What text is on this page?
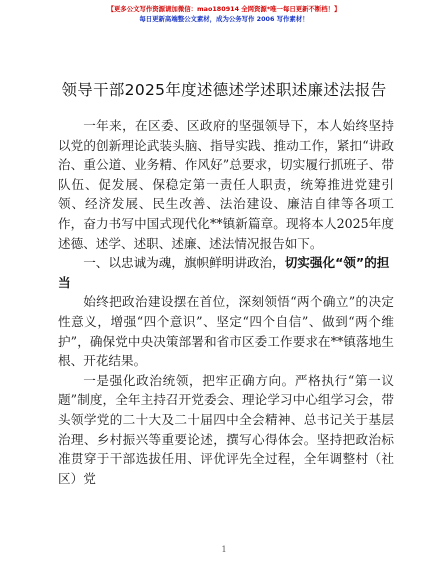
【更多公文写作资源请加微信：mao180914 全网资源*唯一每日更新不断档！】
每日更新高端整公文素材，成为公务写作 2006 写作素材！
领导干部2025年度述德述学述职述廉述法报告

一年来，在区委、区政府的坚强领导下，本人始终坚持以党的创新理论武装头脑、指导实践、推动工作，紧扣“讲政治、重公道、业务精、作风好”总要求，切实履行抓班子、带队伍、促发展、保稳定第一责任人职责，统筹推进党建引领、经济发展、民生改善、法治建设、廉洁自律等各项工作，奋力书写中国式现代化**镇新篇章。现将本人2025年度述德、述学、述职、述廉、述法情况报告如下。

一、以忠诚为魂，旗帜鲜明讲政治，切实强化“领”的担当

始终把政治建设摆在首位，深刻领悟“两个确立”的决定性意义，增强“四个意识”、坚定“四个自信”、做到“两个维护”，确保党中央决策部署和省市区委工作要求在**镇落地生根、开花结果。

一是强化政治统领，把牢正确方向。严格执行“第一议题”制度，全年主持召开党委会、理论学习中心组学习会，带头领学党的二十大及二十届四中全会精神、总书记关于基层治理、乡村振兴等重要论述，撰写心得体会。坚持把政治标准贯穿于干部选拔任用、评优评先全过程，全年调整村（社区）党

1
